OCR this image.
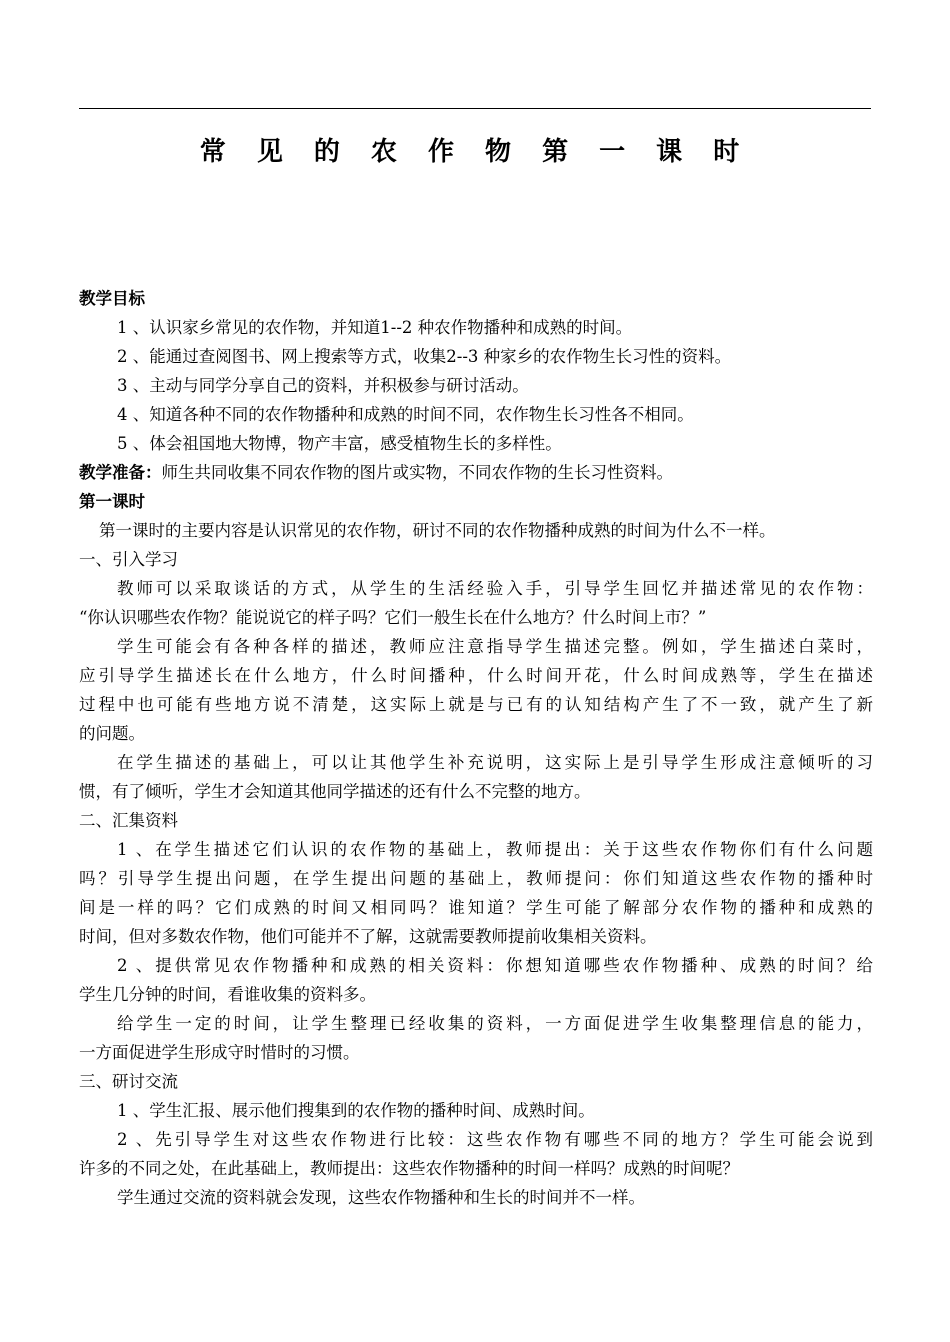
常 见 的 农 作 物 第 一 课 时
教学目标
1 、认识家乡常见的农作物，并知道1--2 种农作物播种和成熟的时间。
2 、能通过查阅图书、网上搜索等方式，收集2--3 种家乡的农作物生长习性的资料。
3 、主动与同学分享自己的资料，并积极参与研讨活动。
4 、知道各种不同的农作物播种和成熟的时间不同，农作物生长习性各不相同。
5 、体会祖国地大物博，物产丰富，感受植物生长的多样性。
教学准备：师生共同收集不同农作物的图片或实物，不同农作物的生长习性资料。
第一课时
第一课时的主要内容是认识常见的农作物，研讨不同的农作物播种成熟的时间为什么不一样。
一、引入学习
教师可以采取谈话的方式，从学生的生活经验入手，引导学生回忆并描述常见的农作物：
“你认识哪些农作物？能说说它的样子吗？它们一般生长在什么地方？什么时间上市？”
学生可能会有各种各样的描述，教师应注意指导学生描述完整。例如，学生描述白菜时，
应引导学生描述长在什么地方，什么时间播种，什么时间开花，什么时间成熟等，学生在描述
过程中也可能有些地方说不清楚，这实际上就是与已有的认知结构产生了不一致，就产生了新
的问题。
在学生描述的基础上，可以让其他学生补充说明，这实际上是引导学生形成注意倾听的习
惯，有了倾听，学生才会知道其他同学描述的还有什么不完整的地方。
二、汇集资料
1 、在学生描述它们认识的农作物的基础上，教师提出：关于这些农作物你们有什么问题
吗？引导学生提出问题，在学生提出问题的基础上，教师提问：你们知道这些农作物的播种时
间是一样的吗？它们成熟的时间又相同吗？谁知道？学生可能了解部分农作物的播种和成熟的
时间，但对多数农作物，他们可能并不了解，这就需要教师提前收集相关资料。
2 、提供常见农作物播种和成熟的相关资料：你想知道哪些农作物播种、成熟的时间？给
学生几分钟的时间，看谁收集的资料多。
给学生一定的时间，让学生整理已经收集的资料，一方面促进学生收集整理信息的能力，
一方面促进学生形成守时惜时的习惯。
三、研讨交流
1 、学生汇报、展示他们搜集到的农作物的播种时间、成熟时间。
2 、先引导学生对这些农作物进行比较：这些农作物有哪些不同的地方？学生可能会说到
许多的不同之处，在此基础上，教师提出：这些农作物播种的时间一样吗？成熟的时间呢？
学生通过交流的资料就会发现，这些农作物播种和生长的时间并不一样。
